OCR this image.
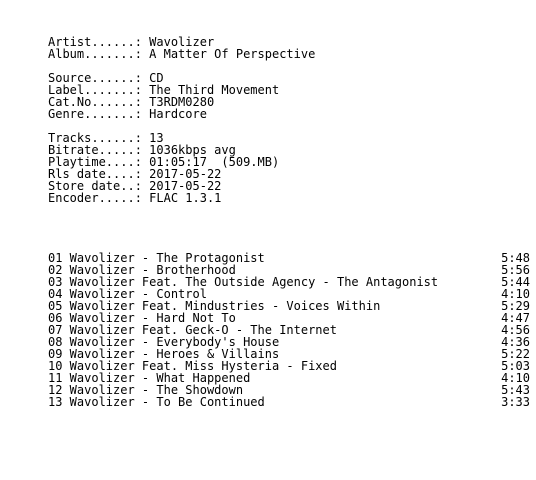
Artist......: Wavolizer
Album.......: A Matter Of Perspective
Source......: CD
Label.......: The Third Movement
Cat.No......: T3RDM0280
Genre.......: Hardcore
Tracks......: 13
Bitrate.....: 1036kbps avg
Playtime....: 01:05:17  (509.MB)
Rls date....: 2017-05-22
Store date..: 2017-05-22
Encoder.....: FLAC 1.3.1
01 Wavolizer - The Protagonist	5:48
02 Wavolizer - Brotherhood	5:56
03 Wavolizer Feat. The Outside Agency - The Antagonist	5:44
04 Wavolizer - Control	4:10
05 Wavolizer Feat. Mindustries - Voices Within	5:29
06 Wavolizer - Hard Not To	4:47
07 Wavolizer Feat. Geck-O - The Internet	4:56
08 Wavolizer - Everybody's House	4:36
09 Wavolizer - Heroes & Villains	5:22
10 Wavolizer Feat. Miss Hysteria - Fixed	5:03
11 Wavolizer - What Happened	4:10
12 Wavolizer - The Showdown	5:43
13 Wavolizer - To Be Continued	3:33
